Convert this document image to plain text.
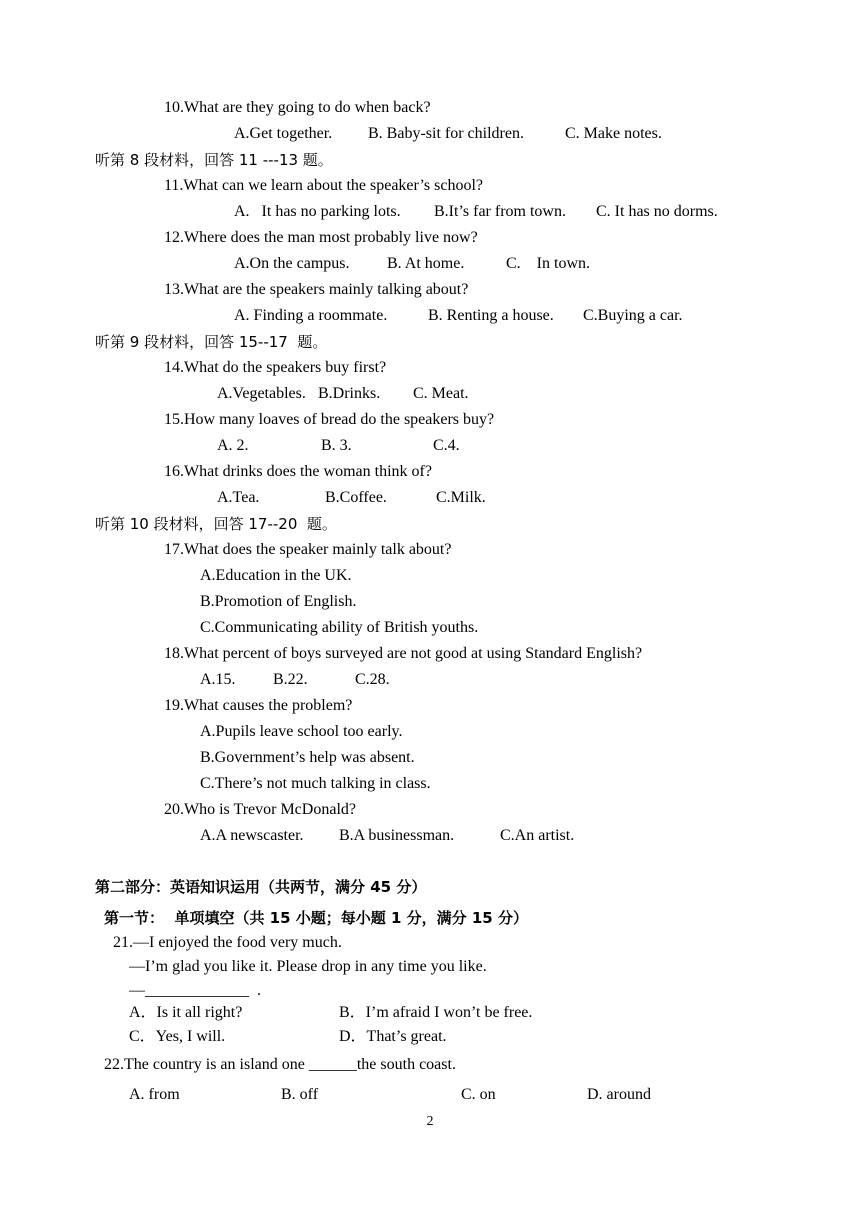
10.What are they going to do when back?
A.Get together. B. Baby-sit for children.	C. Make notes.
听第 8 段材料，回答 11 ---13 题。
11.What can we learn about the speaker’s school?
A.   It has no parking lots. B.It’s far from town. C. It has no dorms.
12.Where does the man most probably live now?
A.On the campus. B. At home.	C.    In town.
13.What are the speakers mainly talking about?
A. Finding a roommate.	B. Renting a house. C.Buying a car.
听第 9 段材料，回答 15--17  题。
14.What do the speakers buy first?
A.Vegetables. B.Drinks. C. Meat.
15.How many loaves of bread do the speakers buy?
A. 2.	B. 3.	C.4.
16.What drinks does the woman think of?
A.Tea.	B.Coffee.	C.Milk.
听第 10 段材料，回答 17--20  题。
17.What does the speaker mainly talk about?
A.Education in the UK.
B.Promotion of English.
C.Communicating ability of British youths.
18.What percent of boys surveyed are not good at using Standard English?
A.15. B.22.	C.28.
19.What causes the problem?
A.Pupils leave school too early.
B.Government’s help was absent.
C.There’s not much talking in class.
20.Who is Trevor McDonald?
A.A newscaster. B.A businessman.	C.An artist.
第二部分：英语知识运用（共两节，满分 45 分）
第一节：  单项填空（共 15 小题；每小题 1 分，满分 15 分）
21.—I enjoyed the food very much.
—I’m glad you like it. Please drop in any time you like.
—_____________  .
A．Is it all right?	B．I’m afraid I won’t be free.
C．Yes, I will.	D．That’s great.
22.The country is an island one ______the south coast.
A. from	B. off	C. on	D. around
2
